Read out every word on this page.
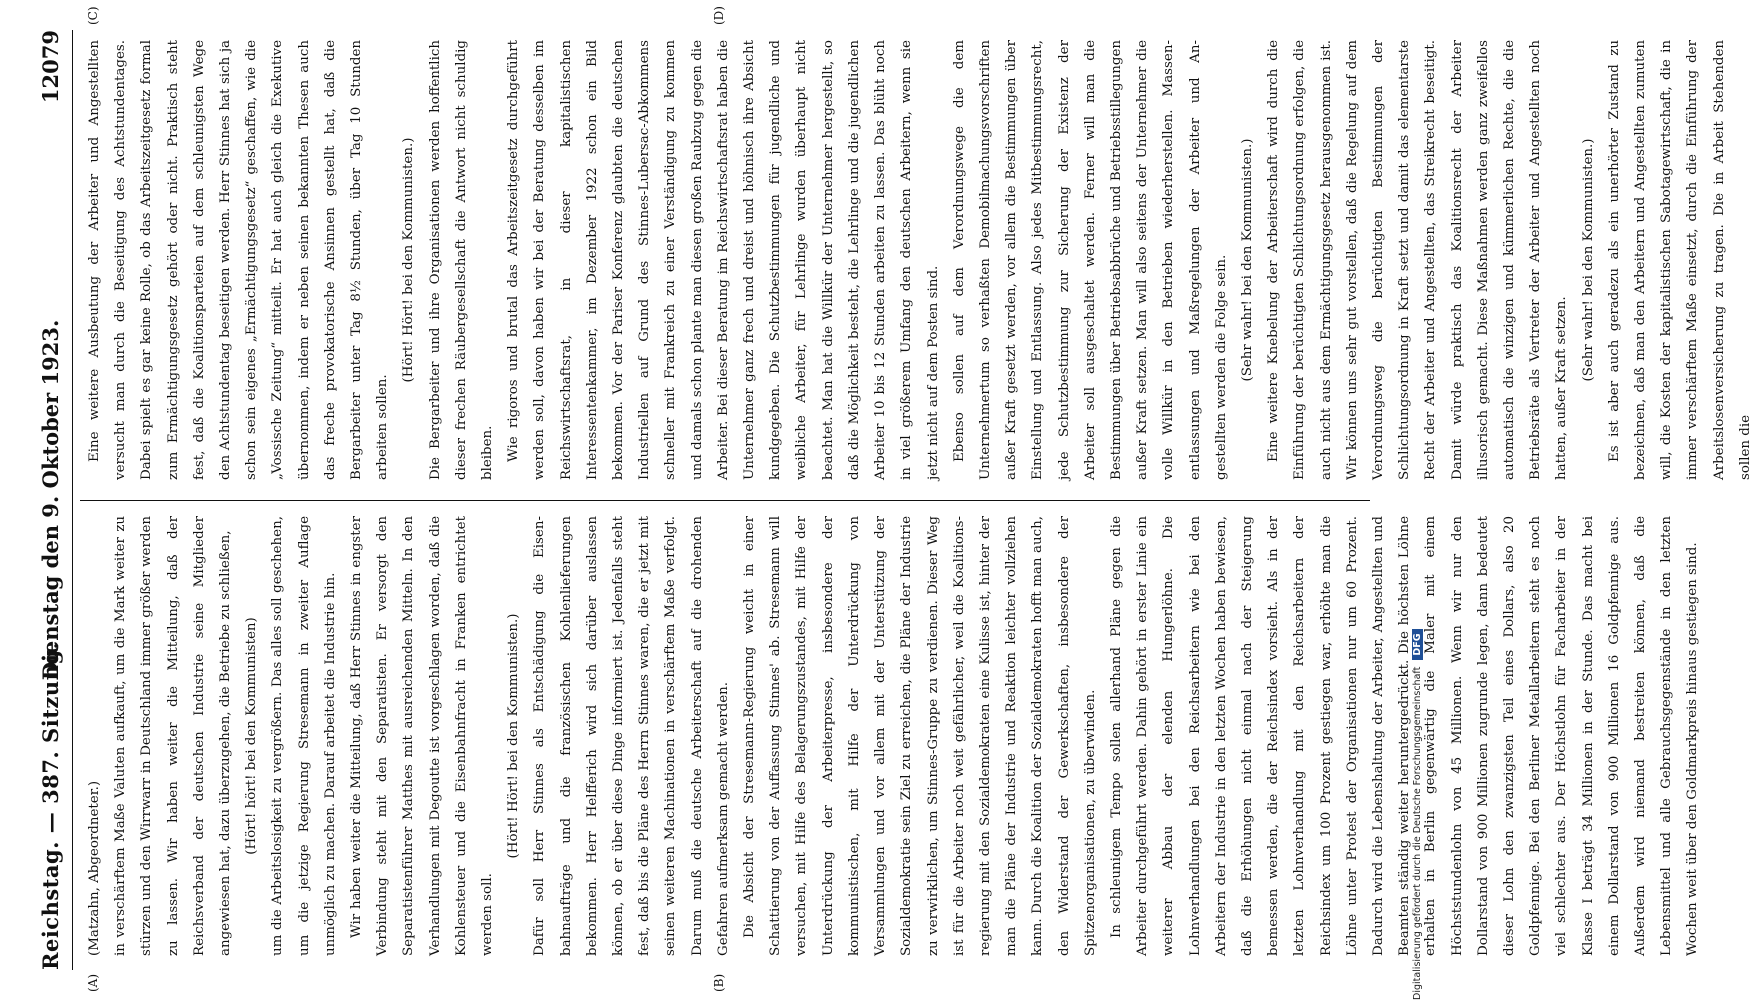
Reichstag. — 387. Sitzung.
Dienstag den 9. Oktober 1923.
12079
(A)	(B)
(C)	(D)

(Matzahn, Abgeordneter.) in verschärftem Maße Valuten aufkauft, um die Mark weiter zu stürzen und den Wirrwarr in Deutschland immer größer werden zu lassen. Wir haben weiter die Mitteilung, daß der Reichsverband der deutschen Industrie seine Mitglieder angewiesen hat, dazu überzugehen, die Betriebe zu schließen, (Hört! hört! bei den Kommunisten) um die Arbeitslosigkeit zu vergrößern. Das alles soll geschehen, um die jetzige Regierung Stresemann in zweiter Auflage unmöglich zu machen. Darauf arbeitet die Industrie hin. Wir haben weiter die Mitteilung, daß Herr Stinnes in engster Verbindung steht mit den Separatisten. Er versorgt den Separatistenführer Matthes mit ausreichenden Mitteln. In den Verhandlungen mit Degoutte ist vorgeschlagen worden, daß die Kohlensteuer und die Eisenbahnfracht in Franken entrichtet werden soll.

(Hört! Hört! bei den Kommunisten.) Dafür soll Herr Stinnes als Entschädigung die Eisenbahnaufträge und die französischen Kohlenlieferungen bekommen. Herr Helfferich wird sich darüber auslassen können, ob er über diese Dinge informiert ist. Jedenfalls steht fest, daß bis die Pläne des Herrn Stinnes waren, die er jetzt mit seinen weiteren Machinationen in verschärftem Maße verfolgt. Darum muß die deutsche Arbeiterschaft auf die drohenden Gefahren aufmerksam gemacht werden. Die Absicht der Stresemann-Regierung weicht in einer Schattierung von der Auffassung Stinnes' ab. Stresemann will versuchen, mit Hilfe des Belagerungszustandes, mit Hilfe der Unterdrückung der Arbeiterpresse, insbesondere der kommunistischen, mit Hilfe der Unterdrückung von Versammlungen und vor allem mit der Unterstützung der Sozialdemokratie sein Ziel zu erreichen, die Pläne der Industrie zu verwirklichen, um Stinnes-Gruppe zu verdienen. Dieser Weg ist für die Arbeiter noch weit gefährlicher, weil die Koalitionsregierung mit den Sozialdemokraten eine Kulisse ist, hinter der man die Pläne der Industrie und Reaktion leichter vollziehen kann. Durch die Koalition der Sozialdemokraten hofft man auch, den Widerstand der Gewerkschaften, insbesondere der Spitzenorganisationen, zu überwinden. In schleunigem Tempo sollen allerhand Pläne gegen die Arbeiter durchgeführt werden. Dahin gehört in erster Linie ein weiterer Abbau der elenden Hungerlöhne. Die Lohnverhandlungen bei den Reichsarbeitern wie bei den Arbeitern der Industrie in den letzten Wochen haben bewiesen, daß die Erhöhungen nicht einmal nach der Steigerung bemessen werden, die der Reichsindex vorsieht. Als in der letzten Lohnverhandlung mit den Reichsarbeitern der Reichsindex um 100 Prozent gestiegen war, erhöhte man die Löhne unter Protest der Organisationen nur um 60 Prozent. Dadurch wird die Lebenshaltung der Arbeiter, Angestellten und Beamten ständig weiter heruntergedrückt. Die höchsten Löhne erhalten in Berlin gegenwärtig die Maler mit einem Höchststundenlohn von 45 Millionen. Wenn wir nur den Dollarstand von 900 Millionen zugrunde legen, dann bedeutet dieser Lohn den zwanzigsten Teil eines Dollars, also 20 Goldpfennige. Bei den Berliner Metallarbeitern steht es noch viel schlechter aus. Der Höchstlohn für Facharbeiter in der Klasse I beträgt 34 Millionen in der Stunde. Das macht bei einem Dollarstand von 900 Millionen 16 Goldpfennige aus. Außerdem wird niemand bestreiten können, daß die Lebensmittel und alle Gebrauchsgegenstände in den letzten Wochen weit über den Goldmarkpreis hinaus gestiegen sind.

Eine weitere Ausbeutung der Arbeiter und Angestellten versucht man durch die Beseitigung des Achtstundentages. Dabei spielt es gar keine Rolle, ob das Arbeitszeitgesetz formal zum Ermächtigungsgesetz gehört oder nicht. Praktisch steht fest, daß die Koalitionsparteien auf dem schleunigsten Wege den Achtstundentag beseitigen werden. Herr Stinnes hat sich ja schon sein eigenes „Ermächtigungsgesetz“ geschaffen, wie die „Vossische Zeitung“ mitteilt. Er hat auch gleich die Exekutive übernommen, indem er neben seinen bekannten Thesen auch das freche provokatorische Ansinnen gestellt hat, daß die Bergarbeiter unter Tag 8½ Stunden, über Tag 10 Stunden arbeiten sollen.

(Hört! Hört! bei den Kommunisten.) Die Bergarbeiter und ihre Organisationen werden hoffentlich dieser frechen Räubergesellschaft die Antwort nicht schuldig bleiben. Wie rigoros und brutal das Arbeitszeitgesetz durchgeführt werden soll, davon haben wir bei der Beratung desselben im Reichswirtschaftsrat, in dieser kapitalistischen Interessentenkammer, im Dezember 1922 schon ein Bild bekommen. Vor der Pariser Konferenz glaubten die deutschen Industriellen auf Grund des Stinnes-Lubersac-Abkommens schneller mit Frankreich zu einer Verständigung zu kommen und damals schon plante man diesen großen Raubzug gegen die Arbeiter. Bei dieser Beratung im Reichswirtschaftsrat haben die Unternehmer ganz frech und dreist und höhnisch ihre Absicht kundgegeben. Die Schutzbestimmungen für jugendliche und weibliche Arbeiter, für Lehrlinge wurden überhaupt nicht beachtet. Man hat die Willkür der Unternehmer hergestellt, so daß die Möglichkeit besteht, die Lehrlinge und die jugendlichen Arbeiter 10 bis 12 Stunden arbeiten zu lassen. Das blüht noch in viel größerem Umfang den deutschen Arbeitern, wenn sie jetzt nicht auf dem Posten sind. Ebenso sollen auf dem Verordnungswege die dem Unternehmertum so verhaßten Demobilmachungsvorschriften außer Kraft gesetzt werden, vor allem die Bestimmungen über Einstellung und Entlassung. Also jedes Mitbestimmungsrecht, jede Schutzbestimmung zur Sicherung der Existenz der Arbeiter soll ausgeschaltet werden. Ferner will man die Bestimmungen über Betriebsabbrüche und Betriebsstillegungen außer Kraft setzen. Man will also seitens der Unternehmer die volle Willkür in den Betrieben wiederherstellen. Massenentlassungen und Maßregelungen der Arbeiter und Angestellten werden die Folge sein. (Sehr wahr! bei den Kommunisten.) Eine weitere Knebelung der Arbeiterschaft wird durch die Einführung der berüchtigten Schlichtungsordnung erfolgen, die auch nicht aus dem Ermächtigungsgesetz herausgenommen ist. Wir können uns sehr gut vorstellen, daß die Regelung auf dem Verordnungsweg die berüchtigten Bestimmungen der Schlichtungsordnung in Kraft setzt und damit das elementarste Recht der Arbeiter und Angestellten, das Streikrecht beseitigt. Damit würde praktisch das Koalitionsrecht der Arbeiter illusorisch gemacht. Diese Maßnahmen werden ganz zweifellos automatisch die winzigen und kümmerlichen Rechte, die die Betriebsräte als Vertreter der Arbeiter und Angestellten noch hatten, außer Kraft setzen.

(Sehr wahr! bei den Kommunisten.) Es ist aber auch geradezu als ein unerhörter Zustand zu bezeichnen, daß man den Arbeitern und Angestellten zumuten will, die Kosten der kapitalistischen Sabotagewirtschaft, die in immer verschärftem Maße einsetzt, durch die Einführung der Arbeitslosenversicherung zu tragen. Die in Arbeit Stehenden sollen die

Digitalisierung gefördert durch die Deutsche Forschungsgemeinschaft DFG
